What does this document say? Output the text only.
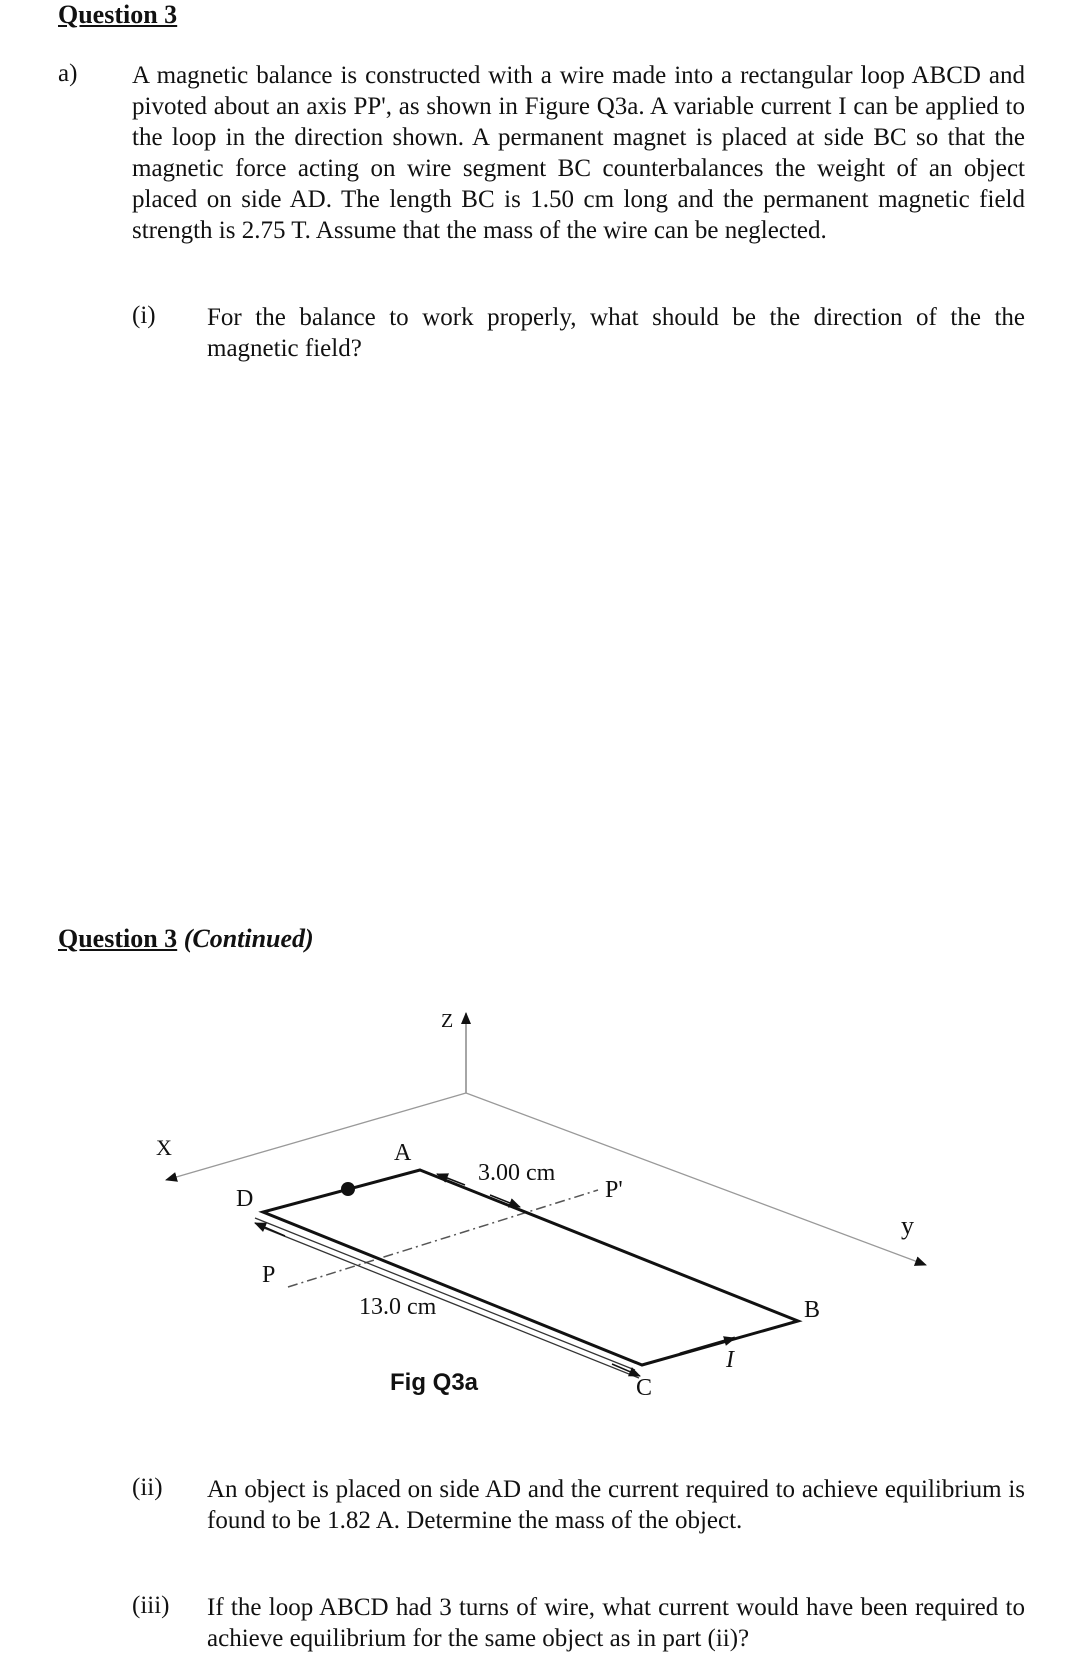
Question 3
a) A magnetic balance is constructed with a wire made into a rectangular loop ABCD and pivoted about an axis PP', as shown in Figure Q3a. A variable current I can be applied to the loop in the direction shown. A permanent magnet is placed at side BC so that the magnetic force acting on wire segment BC counterbalances the weight of an object placed on side AD. The length BC is 1.50 cm long and the permanent magnetic field strength is 2.75 T. Assume that the mass of the wire can be neglected.
(i) For the balance to work properly, what should be the direction of the the magnetic field?
Question 3 (Continued)
Z
X
y
A
B
C
D
P
P'
I
3.00 cm
13.0 cm
Fig Q3a
(ii) An object is placed on side AD and the current required to achieve equilibrium is found to be 1.82 A. Determine the mass of the object.
(iii) If the loop ABCD had 3 turns of wire, what current would have been required to achieve equilibrium for the same object as in part (ii)?
